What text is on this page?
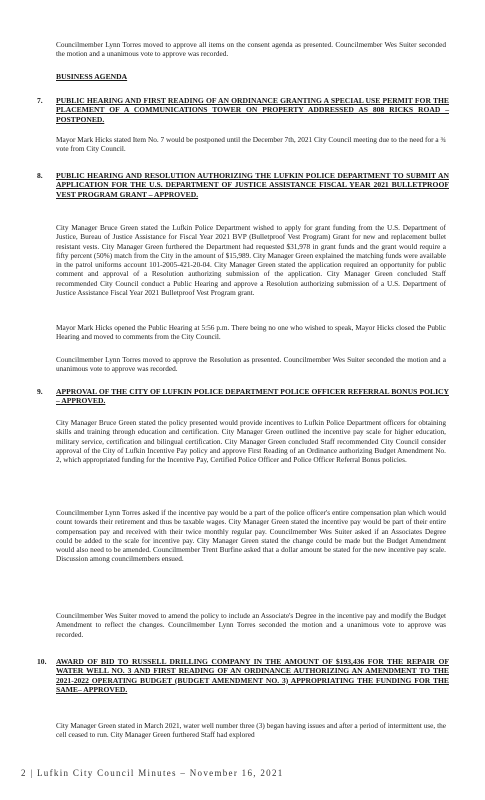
Councilmember Lynn Torres moved to approve all items on the consent agenda as presented. Councilmember Wes Suiter seconded the motion and a unanimous vote to approve was recorded.
BUSINESS AGENDA
7. PUBLIC HEARING AND FIRST READING OF AN ORDINANCE GRANTING A SPECIAL USE PERMIT FOR THE PLACEMENT OF A COMMUNICATIONS TOWER ON PROPERTY ADDRESSED AS 808 RICKS ROAD – POSTPONED.
Mayor Mark Hicks stated Item No. 7 would be postponed until the December 7th, 2021 City Council meeting due to the need for a ¾ vote from City Council.
8. PUBLIC HEARING AND RESOLUTION AUTHORIZING THE LUFKIN POLICE DEPARTMENT TO SUBMIT AN APPLICATION FOR THE U.S. DEPARTMENT OF JUSTICE ASSISTANCE FISCAL YEAR 2021 BULLETPROOF VEST PROGRAM GRANT – APPROVED.
City Manager Bruce Green stated the Lufkin Police Department wished to apply for grant funding from the U.S. Department of Justice, Bureau of Justice Assistance for Fiscal Year 2021 BVP (Bulletproof Vest Program) Grant for new and replacement bullet resistant vests. City Manager Green furthered the Department had requested $31,978 in grant funds and the grant would require a fifty percent (50%) match from the City in the amount of $15,989. City Manager Green explained the matching funds were available in the patrol uniforms account 101-2005-421-20-04. City Manager Green stated the application required an opportunity for public comment and approval of a Resolution authorizing submission of the application. City Manager Green concluded Staff recommended City Council conduct a Public Hearing and approve a Resolution authorizing submission of a U.S. Department of Justice Assistance Fiscal Year 2021 Bulletproof Vest Program grant.
Mayor Mark Hicks opened the Public Hearing at 5:56 p.m. There being no one who wished to speak, Mayor Hicks closed the Public Hearing and moved to comments from the City Council.
Councilmember Lynn Torres moved to approve the Resolution as presented. Councilmember Wes Suiter seconded the motion and a unanimous vote to approve was recorded.
9. APPROVAL OF THE CITY OF LUFKIN POLICE DEPARTMENT POLICE OFFICER REFERRAL BONUS POLICY – APPROVED.
City Manager Bruce Green stated the policy presented would provide incentives to Lufkin Police Department officers for obtaining skills and training through education and certification. City Manager Green outlined the incentive pay scale for higher education, military service, certification and bilingual certification. City Manager Green concluded Staff recommended City Council consider approval of the City of Lufkin Incentive Pay policy and approve First Reading of an Ordinance authorizing Budget Amendment No. 2, which appropriated funding for the Incentive Pay, Certified Police Officer and Police Officer Referral Bonus policies.
Councilmember Lynn Torres asked if the incentive pay would be a part of the police officer's entire compensation plan which would count towards their retirement and thus be taxable wages. City Manager Green stated the incentive pay would be part of their entire compensation pay and received with their twice monthly regular pay. Councilmember Wes Suiter asked if an Associates Degree could be added to the scale for incentive pay. City Manager Green stated the change could be made but the Budget Amendment would also need to be amended. Councilmember Trent Burfine asked that a dollar amount be stated for the new incentive pay scale. Discussion among councilmembers ensued.
Councilmember Wes Suiter moved to amend the policy to include an Associate's Degree in the incentive pay and modify the Budget Amendment to reflect the changes. Councilmember Lynn Torres seconded the motion and a unanimous vote to approve was recorded.
10. AWARD OF BID TO RUSSELL DRILLING COMPANY IN THE AMOUNT OF $193,436 FOR THE REPAIR OF WATER WELL NO. 3 AND FIRST READING OF AN ORDINANCE AUTHORIZING AN AMENDMENT TO THE 2021-2022 OPERATING BUDGET (BUDGET AMENDMENT NO. 3) APPROPRIATING THE FUNDING FOR THE SAME– APPROVED.
City Manager Green stated in March 2021, water well number three (3) began having issues and after a period of intermittent use, the cell ceased to run. City Manager Green furthered Staff had explored
2 | Lufkin City Council Minutes – November 16, 2021
